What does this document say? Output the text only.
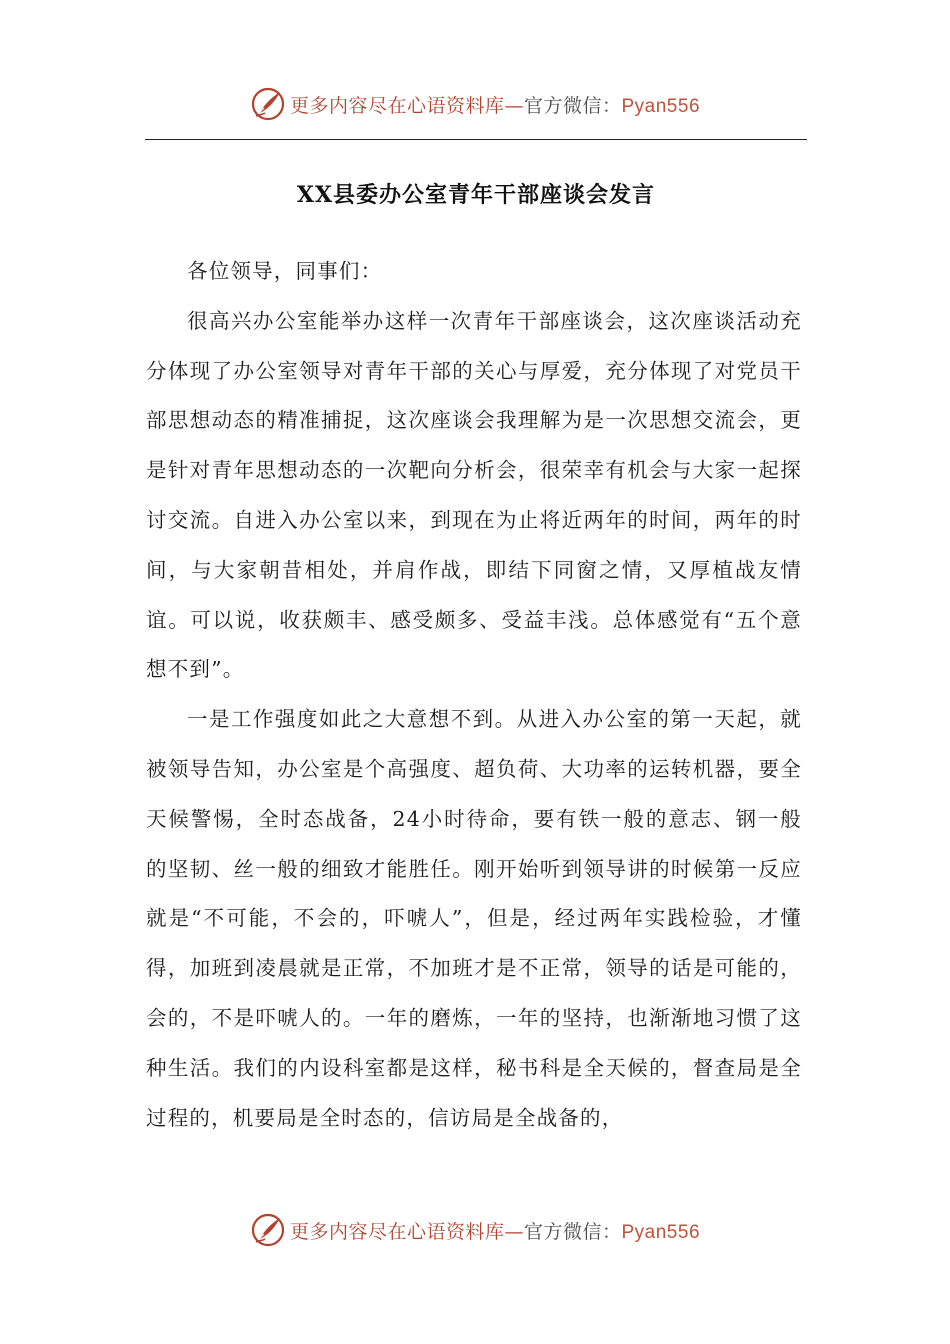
更多内容尽在心语资料库—官方微信：Pyan556
XX县委办公室青年干部座谈会发言

各位领导，同事们：

很高兴办公室能举办这样一次青年干部座谈会，这次座谈活动充分体现了办公室领导对青年干部的关心与厚爱，充分体现了对党员干部思想动态的精准捕捉，这次座谈会我理解为是一次思想交流会，更是针对青年思想动态的一次靶向分析会，很荣幸有机会与大家一起探讨交流。自进入办公室以来，到现在为止将近两年的时间，两年的时间，与大家朝昔相处，并肩作战，即结下同窗之情，又厚植战友情谊。可以说，收获颇丰、感受颇多、受益丰浅。总体感觉有“五个意想不到”。

一是工作强度如此之大意想不到。从进入办公室的第一天起，就被领导告知，办公室是个高强度、超负荷、大功率的运转机器，要全天候警惕，全时态战备，24小时待命，要有铁一般的意志、钢一般的坚韧、丝一般的细致才能胜任。刚开始听到领导讲的时候第一反应就是“不可能，不会的，吓唬人”，但是，经过两年实践检验，才懂得，加班到凌晨就是正常，不加班才是不正常，领导的话是可能的，会的，不是吓唬人的。一年的磨炼，一年的坚持，也渐渐地习惯了这种生活。我们的内设科室都是这样，秘书科是全天候的，督查局是全过程的，机要局是全时态的，信访局是全战备的，

更多内容尽在心语资料库—官方微信：Pyan556
